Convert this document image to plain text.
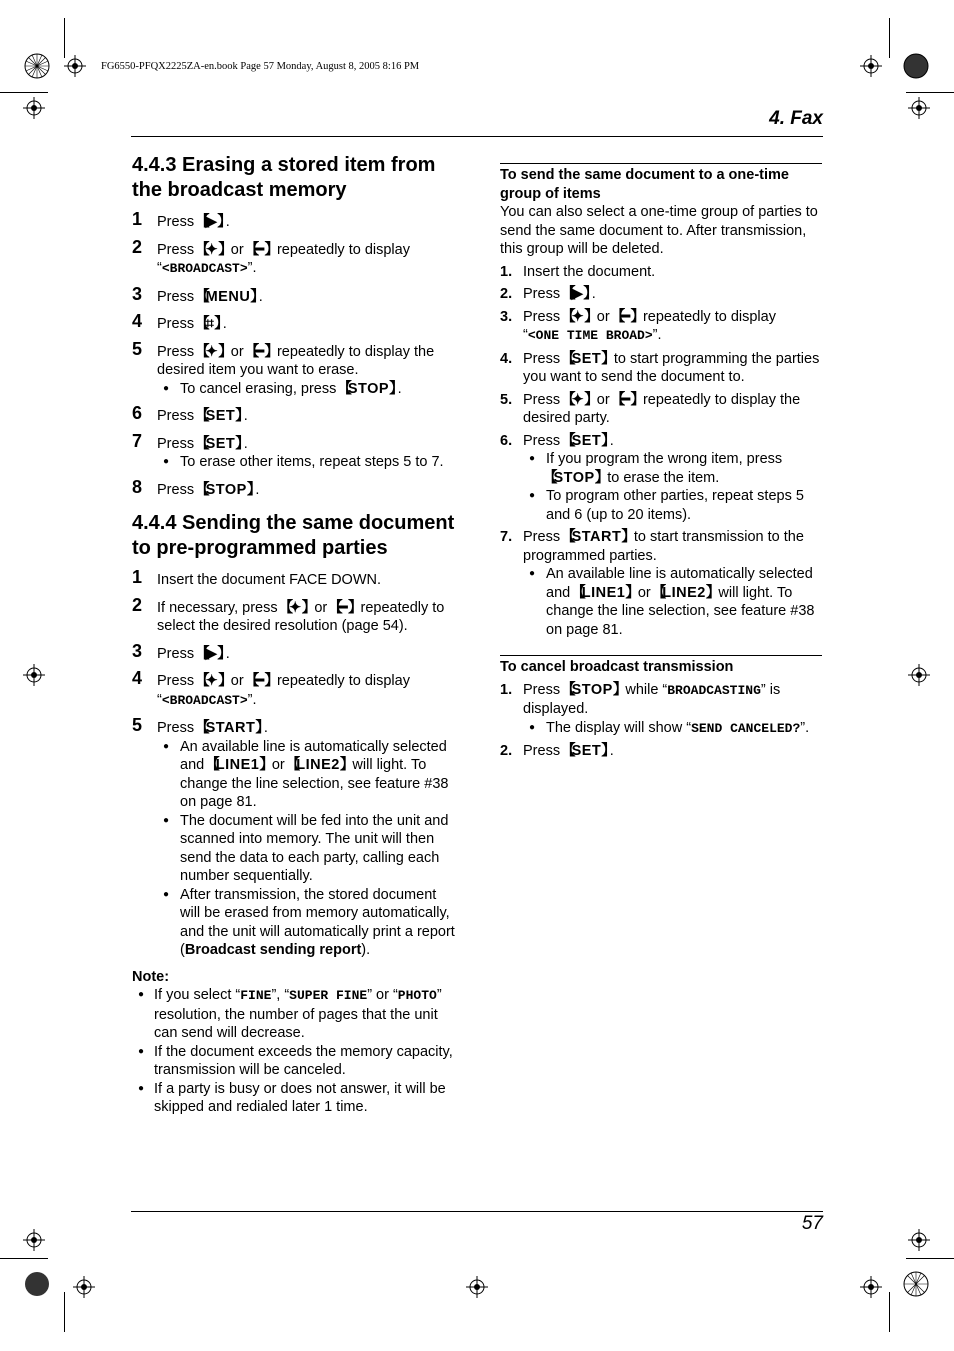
FG6550-PFQX2225ZA-en.book Page 57 Monday, August 8, 2005 8:16 PM
4. Fax
4.4.3 Erasing a stored item from the broadcast memory

1 Press 【 ▶ 】 .

2 Press 【 ✦ 】 or 【 ━ 】 repeatedly to display
“<BROADCAST>”.

3 Press 【 MENU 】 .

4 Press 【 ⌗ 】 .

5 Press 【 ✦ 】 or 【 ━ 】 repeatedly to display the desired item you want to erase.

● To cancel erasing, press 【 STOP 】 .

6 Press 【 SET 】 .

7 Press 【 SET 】 .

● To erase other items, repeat steps 5 to 7.

8 Press 【 STOP 】 .

4.4.4 Sending the same document to pre-programmed parties

1 Insert the document FACE DOWN.

2 If necessary, press 【 ✦ 】 or 【 ━ 】 repeatedly to select the desired resolution (page 54).

3 Press 【 ▶ 】 .

4 Press 【 ✦ 】 or 【 ━ 】 repeatedly to display
“<BROADCAST>”.

5 Press 【 START 】 .

● An available line is automatically selected and 【 LINE1 】 or 【 LINE2 】 will light. To change the line selection, see feature #38 on page 81.

● The document will be fed into the unit and scanned into memory. The unit will then send the data to each party, calling each number sequentially.

● After transmission, the stored document will be erased from memory automatically, and the unit will automatically print a report (Broadcast sending report).

Note:

● If you select “FINE”, “SUPER FINE” or “PHOTO” resolution, the number of pages that the unit can send will decrease.

● If the document exceeds the memory capacity, transmission will be canceled.

● If a party is busy or does not answer, it will be skipped and redialed later 1 time.

To send the same document to a one-time group of items
You can also select a one-time group of parties to send the same document to. After transmission, this group will be deleted.

1. Insert the document.

2. Press 【 ▶ 】 .

3. Press 【 ✦ 】 or 【 ━ 】 repeatedly to display
“<ONE TIME BROAD>”.

4. Press 【 SET 】 to start programming the parties you want to send the document to.

5. Press 【 ✦ 】 or 【 ━ 】 repeatedly to display the desired party.

6. Press 【 SET 】 .

● If you program the wrong item, press 【 STOP 】 to erase the item.

● To program other parties, repeat steps 5 and 6 (up to 20 items).

7. Press 【 START 】 to start transmission to the programmed parties.

● An available line is automatically selected and 【 LINE1 】 or 【 LINE2 】 will light. To change the line selection, see feature #38 on page 81.

To cancel broadcast transmission

1. Press 【 STOP 】 while “BROADCASTING” is displayed.

● The display will show “SEND CANCELED?”.

2. Press 【 SET 】 .

57
